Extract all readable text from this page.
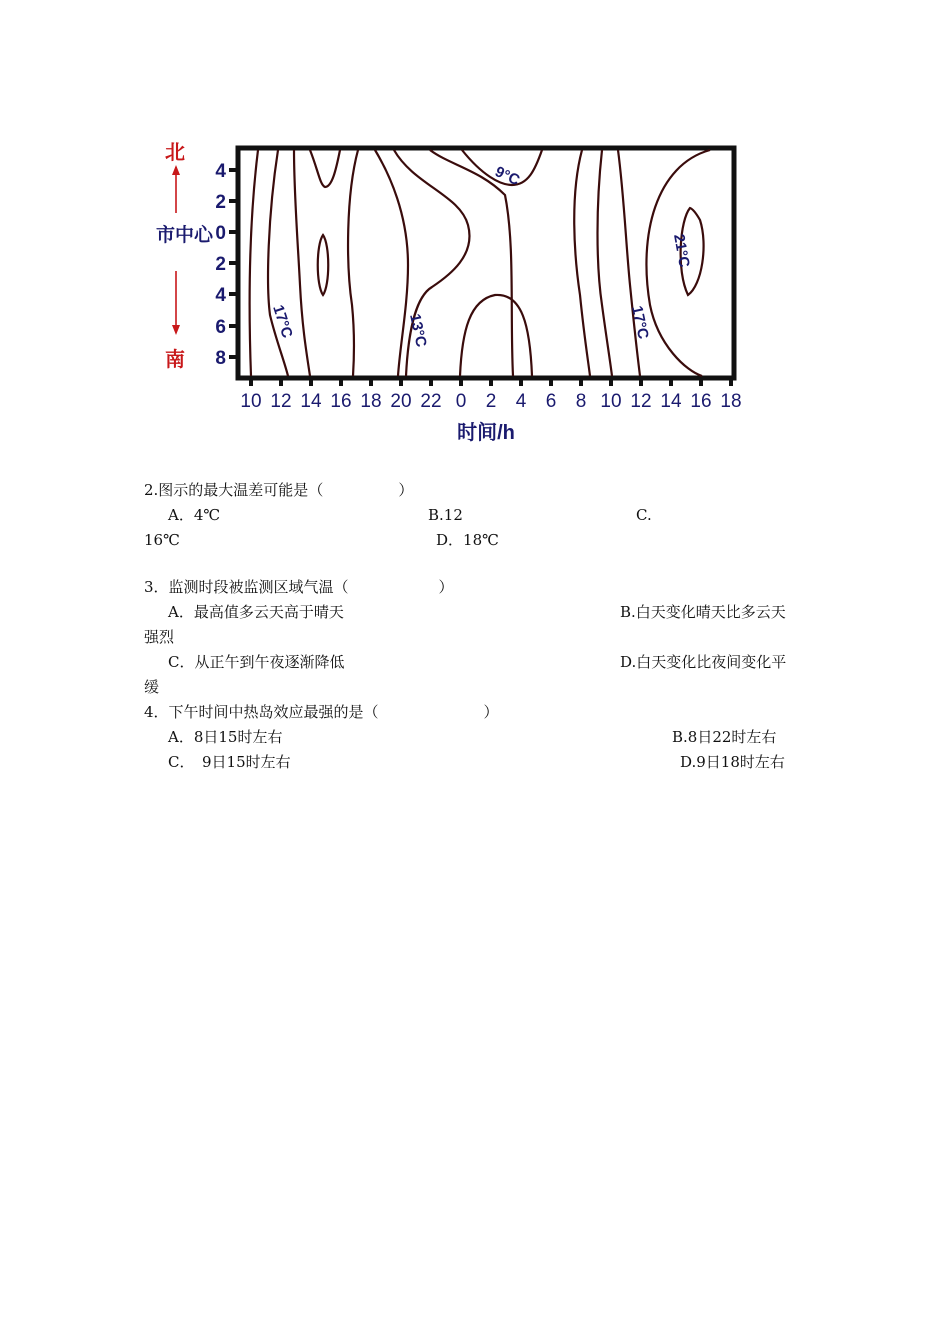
北
市中心
南
4
2
0
2
4
6
8
9°C
21°C
17°C	13°C	17°C
10 12 14 16 18 20 22 0 2 4 6 8 10 12 14 16 18
时间/h
2.图示的最大温差可能是（　　　　　）
A．4℃	B.12	C.
16℃	D．18℃
3．监测时段被监测区域气温（　　　　　　）
A．最高值多云天高于晴天	B.白天变化晴天比多云天
强烈
C．从正午到午夜逐渐降低	D.白天变化比夜间变化平
缓
4．下午时间中热岛效应最强的是（　　　　　　　）
A．8日15时左右	B.8日22时左右
C．　9日15时左右	D.9日18时左右
